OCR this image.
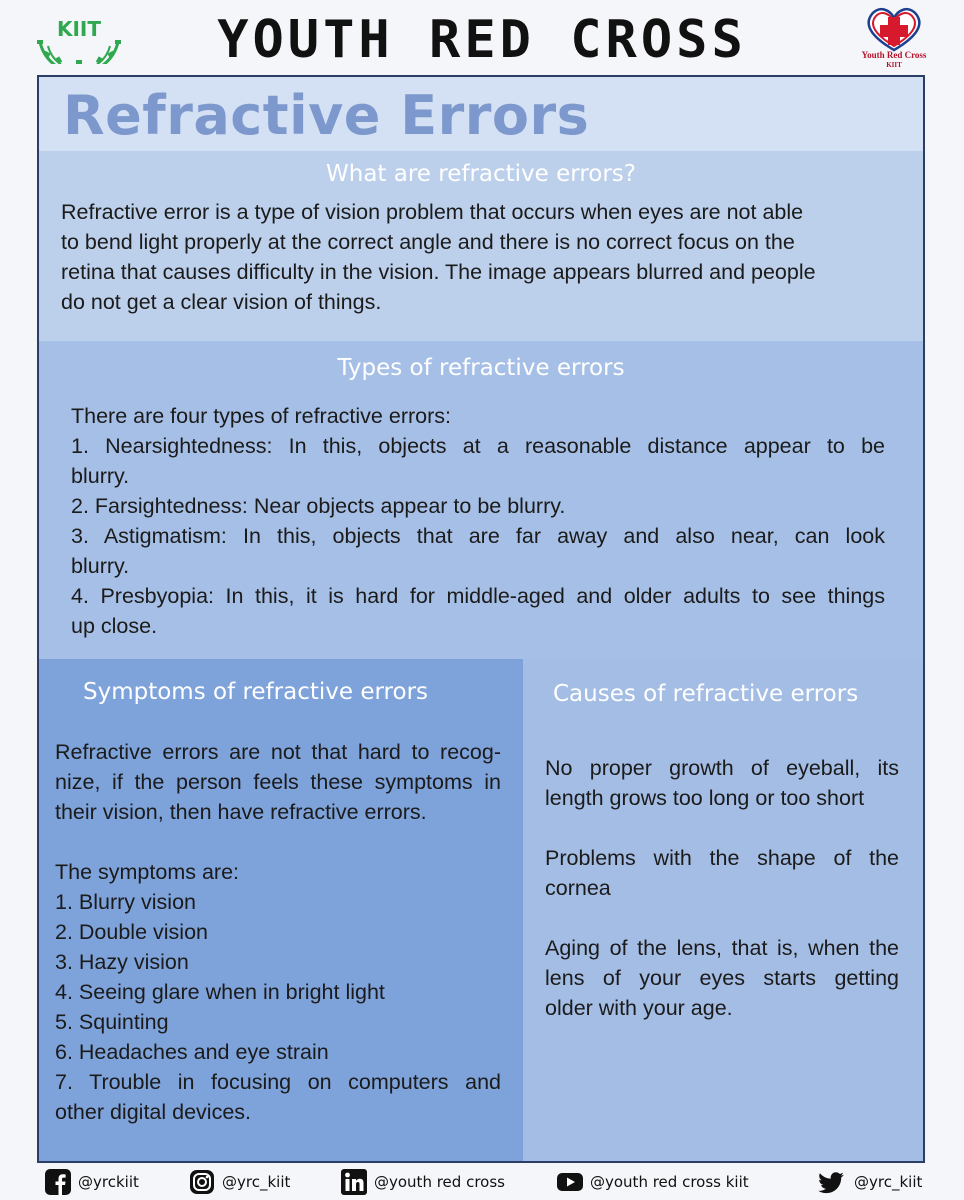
KIIT	YOUTH RED CROSS	Youth Red Cross
KIIT
Refractive Errors
What are refractive errors?

Refractive error is a type of vision problem that occurs when eyes are not able

to bend light properly at the correct angle and there is no correct focus on the

retina that causes difficulty in the vision. The image appears blurred and people

do not get a clear vision of things.

Types of refractive errors

There are four types of refractive errors:

1. Nearsightedness: In this, objects at a reasonable distance appear to be

blurry.

2. Farsightedness: Near objects appear to be blurry.

3. Astigmatism: In this, objects that are far away and also near, can look

blurry.

4. Presbyopia: In this, it is hard for middle-aged and older adults to see things

up close.

Symptoms of refractive errors

Refractive errors are not that hard to recog-

nize, if the person feels these symptoms in

their vision, then have refractive errors.

The symptoms are:

1. Blurry vision

2. Double vision

3. Hazy vision

4. Seeing glare when in bright light

5. Squinting

6. Headaches and eye strain

7. Trouble in focusing on computers and

other digital devices.

Causes of refractive errors

No proper growth of eyeball, its

length grows too long or too short

Problems with the shape of the

cornea

Aging of the lens, that is, when the

lens of your eyes starts getting

older with your age.

@yrckiit	@yrc_kiit	@youth red cross	@youth red cross kiit	@yrc_kiit
